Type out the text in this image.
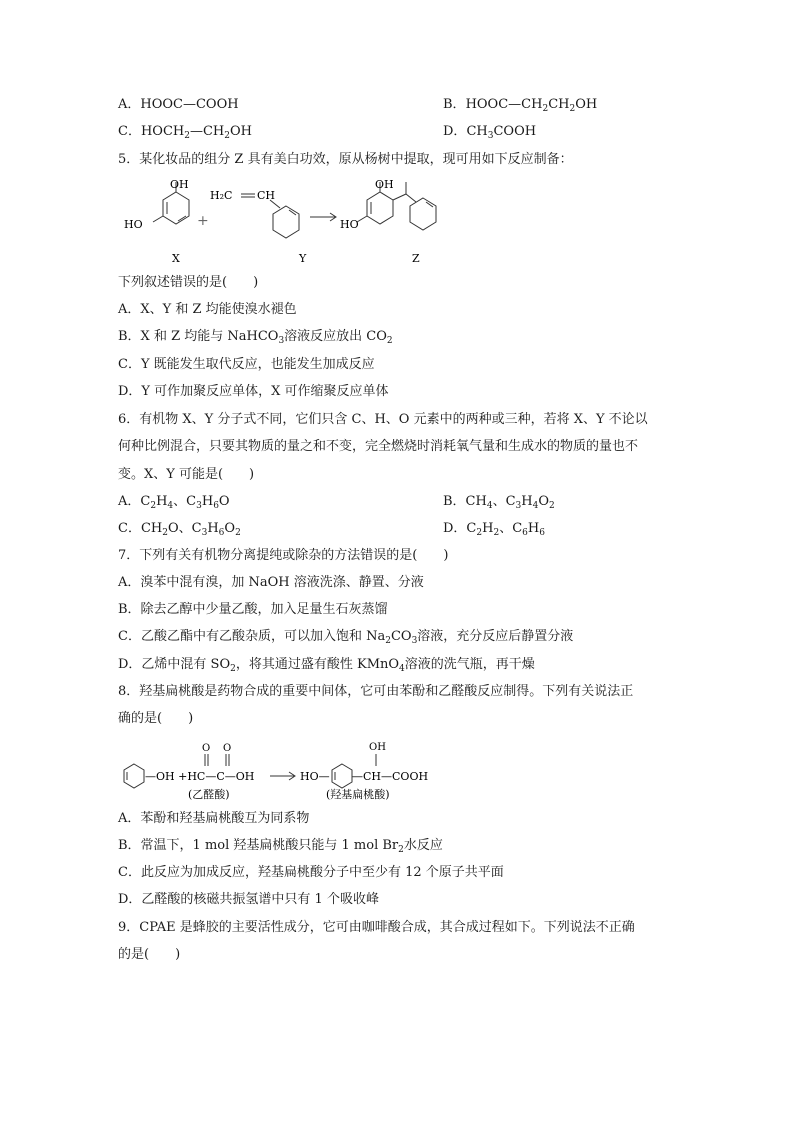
A．HOOC—COOH	B．$HOOC—CH_2CH_2OH$
C．$HOCH_2—CH_2OH$	D．$CH_3COOH$
5．某化妆品的组分 Z 具有美白功效，原从杨树中提取，现可用如下反应制备：
OH
HO
X
+
H₂C CH
Y
OH
HO
Z
下列叙述错误的是(　　)
A．X、Y 和 Z 均能使溴水褪色
B．X 和 Z 均能与 NaHCO$_3$溶液反应放出 $CO_2$
C．Y 既能发生取代反应，也能发生加成反应
D．Y 可作加聚反应单体，X 可作缩聚反应单体
6．有机物 X、Y 分子式不同，它们只含 C、H、O 元素中的两种或三种，若将 X、Y 不论以
何种比例混合，只要其物质的量之和不变，完全燃烧时消耗氧气量和生成水的物质的量也不
变。X、Y 可能是(　　)
A．$C_2H_4$、$C_3H_6O$	B．$CH_4$、$C_3H_4O_2$
C．$CH_2O$、$C_3H_6O_2$	D．$C_2H_2$、$C_6H_6$
7．下列有关有机物分离提纯或除杂的方法错误的是(　　)
A．溴苯中混有溴，加 NaOH 溶液洗涤、静置、分液
B．除去乙醇中少量乙酸，加入足量生石灰蒸馏
C．乙酸乙酯中有乙酸杂质，可以加入饱和 $Na_2CO_3$溶液，充分反应后静置分液
D．乙烯中混有 $SO_2$，将其通过盛有酸性 KMnO$_4$溶液的洗气瓶，再干燥
8．羟基扁桃酸是药物合成的重要中间体，它可由苯酚和乙醛酸反应制得。下列有关说法正
确的是(　　)
—OH +HC—C—OH
O O
(乙醛酸)
HO— —CH—COOH
OH
(羟基扁桃酸)
A．苯酚和羟基扁桃酸互为同系物
B．常温下，1 mol 羟基扁桃酸只能与 1 mol $Br_2$水反应
C．此反应为加成反应，羟基扁桃酸分子中至少有 12 个原子共平面
D．乙醛酸的核磁共振氢谱中只有 1 个吸收峰
9．CPAE 是蜂胶的主要活性成分，它可由咖啡酸合成，其合成过程如下。下列说法不正确
的是(　　)
